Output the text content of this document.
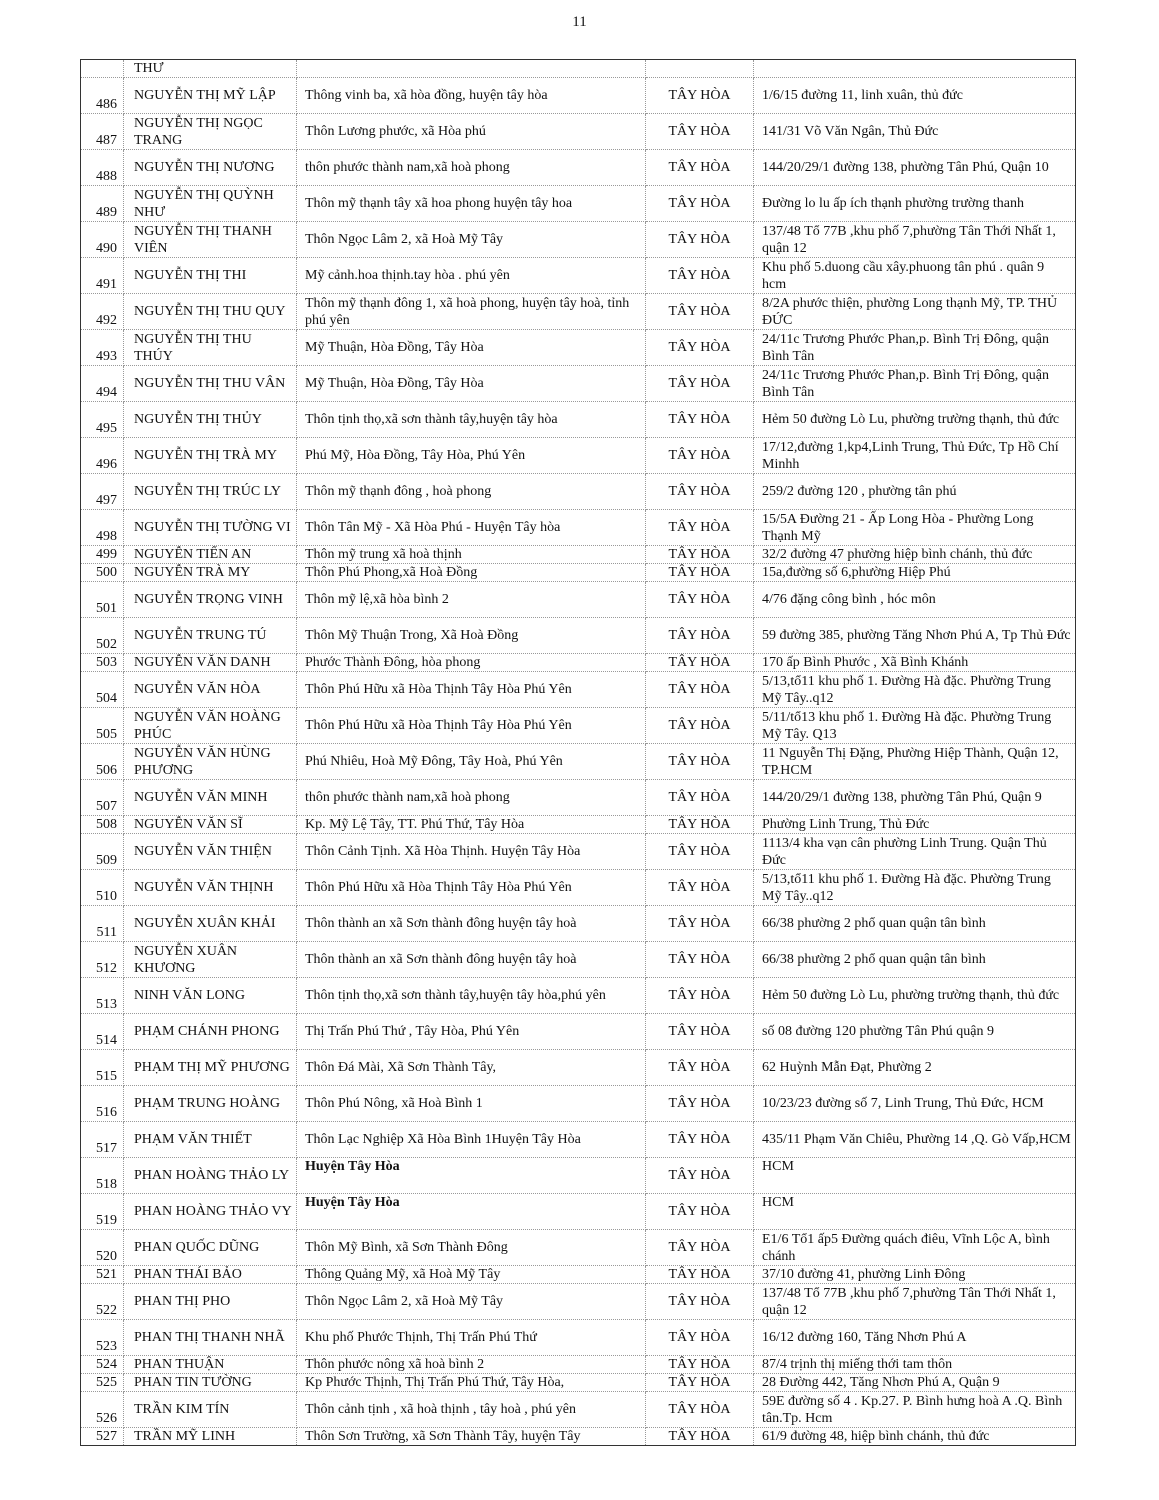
11
	THƯ			
486	NGUYỄN THỊ MỸ LẬP	Thông vinh ba, xã hòa đồng, huyện tây hòa	TÂY HÒA	1/6/15 đường 11, linh xuân, thủ đức
487	NGUYỄN THỊ NGỌC TRANG	Thôn Lương phước, xã Hòa phú	TÂY HÒA	141/31 Võ Văn Ngân, Thủ Đức
488	NGUYỄN THỊ NƯƠNG	thôn phước thành nam,xã hoà phong	TÂY HÒA	144/20/29/1 đường 138, phường Tân Phú, Quận 10
489	NGUYỄN THỊ QUỲNH NHƯ	Thôn mỹ thạnh tây xã hoa phong huyện tây hoa	TÂY HÒA	Đường lo lu ấp ích thạnh phường trường thanh
490	NGUYỄN THỊ THANH VIÊN	Thôn Ngọc Lâm 2, xã Hoà Mỹ Tây	TÂY HÒA	137/48 Tổ 77B ,khu phố 7,phường Tân Thới Nhất 1, quận 12
491	NGUYỄN THỊ THI	Mỹ cảnh.hoa thịnh.tay hòa . phú yên	TÂY HÒA	Khu phố 5.duong cầu xây.phuong tân phú . quân 9 hcm
492	NGUYỄN THỊ THU QUY	Thôn mỹ thạnh đông 1, xã hoà phong, huyện tây hoà, tỉnh phú yên	TÂY HÒA	8/2A phước thiện, phường Long thạnh Mỹ, TP. THỦ ĐỨC
493	NGUYỄN THỊ THU THÚY	Mỹ Thuận, Hòa Đồng, Tây Hòa	TÂY HÒA	24/11c Trương Phước Phan,p. Bình Trị Đông, quận Bình Tân
494	NGUYỄN THỊ THU VÂN	Mỹ Thuận, Hòa Đồng, Tây Hòa	TÂY HÒA	24/11c Trương Phước Phan,p. Bình Trị Đông, quận Bình Tân
495	NGUYỄN THỊ THỦY	Thôn tịnh thọ,xã sơn thành tây,huyện tây hòa	TÂY HÒA	Hẻm 50 đường Lò Lu, phường trường thạnh, thủ đức
496	NGUYỄN THỊ TRÀ MY	Phú Mỹ, Hòa Đồng, Tây Hòa, Phú Yên	TÂY HÒA	17/12,đường 1,kp4,Linh Trung, Thủ Đức, Tp Hồ Chí Minhh
497	NGUYỄN THỊ TRÚC LY	Thôn mỹ thạnh đông , hoà phong	TÂY HÒA	259/2 đường 120 , phường tân phú
498	NGUYỄN THỊ TƯỜNG VI	Thôn Tân Mỹ - Xã Hòa Phú - Huyện Tây hòa	TÂY HÒA	15/5A Đường 21 - Ấp Long Hòa - Phường Long Thạnh Mỹ
499	NGUYỄN TIẾN AN	Thôn mỹ trung xã hoà thịnh	TÂY HÒA	32/2 đường 47 phường hiệp bình chánh, thủ đức
500	NGUYỄN TRÀ MY	Thôn Phú Phong,xã Hoà Đồng	TÂY HÒA	15a,đường số 6,phường Hiệp Phú
501	NGUYỄN TRỌNG VINH	Thôn mỹ lệ,xã hòa bình 2	TÂY HÒA	4/76 đặng công bình , hóc môn
502	NGUYỄN TRUNG TÚ	Thôn Mỹ Thuận Trong, Xã Hoà Đồng	TÂY HÒA	59 đường 385, phường Tăng Nhơn Phú A, Tp Thủ Đức
503	NGUYỄN VĂN DANH	Phước Thành Đông, hòa phong	TÂY HÒA	170 ấp Bình Phước , Xã Bình Khánh
504	NGUYỄN VĂN HÒA	Thôn Phú Hữu xã Hòa Thịnh Tây Hòa Phú Yên	TÂY HÒA	5/13,tổ11 khu phố 1. Đường Hà đặc. Phường Trung Mỹ Tây..q12
505	NGUYỄN VĂN HOÀNG PHÚC	Thôn Phú Hữu xã Hòa Thịnh Tây Hòa Phú Yên	TÂY HÒA	5/11/tổ13 khu phố 1. Đường Hà đặc. Phường Trung Mỹ Tây. Q13
506	NGUYỄN VĂN HÙNG PHƯƠNG	Phú Nhiêu, Hoà Mỹ Đông, Tây Hoà, Phú Yên	TÂY HÒA	11 Nguyễn Thị Đặng, Phường Hiệp Thành, Quận 12, TP.HCM
507	NGUYỄN VĂN MINH	thôn phước thành nam,xã hoà phong	TÂY HÒA	144/20/29/1 đường 138, phường Tân Phú, Quận 9
508	NGUYỄN VĂN SĨ	Kp. Mỹ Lệ Tây, TT. Phú Thứ, Tây Hòa	TÂY HÒA	Phường Linh Trung, Thủ Đức
509	NGUYỄN VĂN THIỆN	Thôn Cảnh Tịnh. Xã Hòa Thịnh. Huyện Tây Hòa	TÂY HÒA	1113/4 kha vạn cân phường Linh Trung. Quận Thủ Đức
510	NGUYỄN VĂN THỊNH	Thôn Phú Hữu xã Hòa Thịnh Tây Hòa Phú Yên	TÂY HÒA	5/13,tổ11 khu phố 1. Đường Hà đặc. Phường Trung Mỹ Tây..q12
511	NGUYỄN XUÂN KHẢI	Thôn thành an xã Sơn thành đông huyện tây hoà	TÂY HÒA	66/38 phường 2 phổ quan quận tân bình
512	NGUYỄN XUÂN KHƯƠNG	Thôn thành an xã Sơn thành đông huyện tây hoà	TÂY HÒA	66/38 phường 2 phổ quan quận tân bình
513	NINH VĂN LONG	Thôn tịnh thọ,xã sơn thành tây,huyện tây hòa,phú yên	TÂY HÒA	Hẻm 50 đường Lò Lu, phường trường thạnh, thủ đức
514	PHẠM CHÁNH PHONG	Thị Trấn Phú Thứ , Tây Hòa, Phú Yên	TÂY HÒA	số 08 đường 120 phường Tân Phú quận 9
515	PHẠM THỊ MỸ PHƯƠNG	Thôn Đá Mài, Xã Sơn Thành Tây,	TÂY HÒA	62 Huỳnh Mẫn Đạt, Phường 2
516	PHẠM TRUNG HOÀNG	Thôn Phú Nông, xã Hoà Bình 1	TÂY HÒA	10/23/23 đường số 7, Linh Trung, Thủ Đức, HCM
517	PHẠM VĂN THIẾT	Thôn Lạc Nghiệp Xã Hòa Bình 1Huyện Tây Hòa	TÂY HÒA	435/11 Phạm Văn Chiêu, Phường 14 ,Q. Gò Vấp,HCM
518	PHAN HOÀNG THẢO LY	Huyện Tây Hòa	TÂY HÒA	HCM
519	PHAN HOÀNG THẢO VY	Huyện Tây Hòa	TÂY HÒA	HCM
520	PHAN QUỐC DŨNG	Thôn Mỹ Bình, xã Sơn Thành Đông	TÂY HÒA	E1/6 Tổ1 ấp5 Đường quách điêu, Vĩnh Lộc A, bình chánh
521	PHAN THÁI BẢO	Thông Quảng Mỹ, xã Hoà Mỹ Tây	TÂY HÒA	37/10 đường 41, phường Linh Đông
522	PHAN THỊ PHO	Thôn Ngọc Lâm 2, xã Hoà Mỹ Tây	TÂY HÒA	137/48 Tổ 77B ,khu phố 7,phường Tân Thới Nhất 1, quận 12
523	PHAN THỊ THANH NHÃ	Khu phố Phước Thịnh, Thị Trấn Phú Thứ	TÂY HÒA	16/12 đường 160, Tăng Nhơn Phú A
524	PHAN THUẬN	Thôn phước nông xã hoà bình 2	TÂY HÒA	87/4 trịnh thị miếng thới tam thôn
525	PHAN TIN TƯỜNG	Kp Phước Thịnh, Thị Trấn Phú Thứ, Tây Hòa,	TÂY HÒA	28 Đường 442, Tăng Nhơn Phú A, Quận 9
526	TRẦN KIM TÍN	Thôn cảnh tịnh , xã hoà thịnh , tây hoà , phú yên	TÂY HÒA	59E đường số 4 . Kp.27. P. Bình hưng hoà A .Q. Bình tân.Tp. Hcm
527	TRẦN MỸ LINH	Thôn Sơn Trường, xã Sơn Thành Tây, huyện Tây	TÂY HÒA	61/9 đường 48, hiệp bình chánh, thủ đức
